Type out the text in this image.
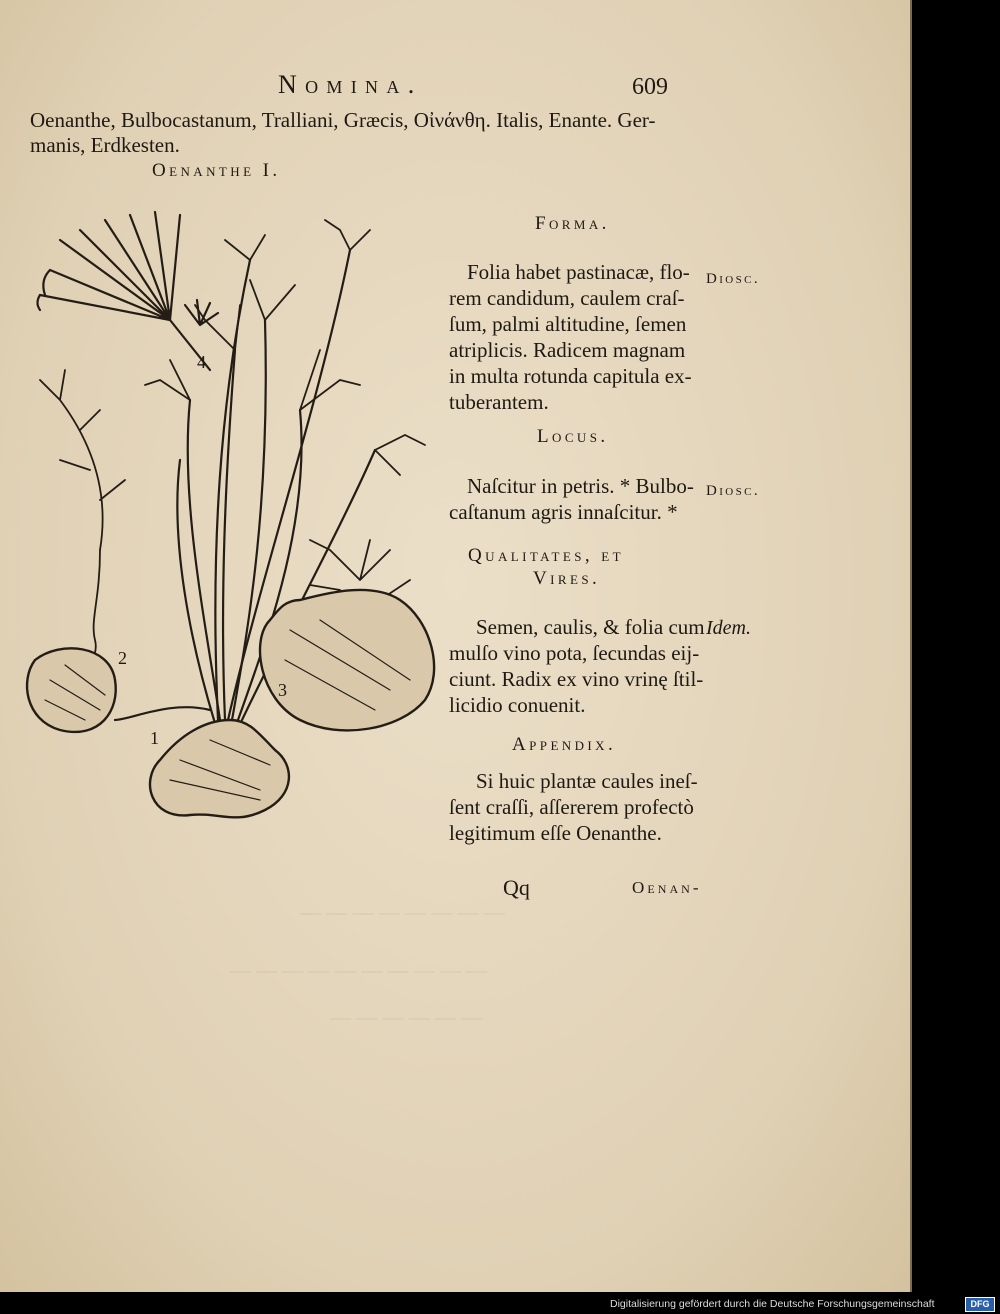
— — — — — — — —
— — — — — — — — — —
— — — — — —
Nomina.	609
Oenanthe, Bulbocastanum, Tralliani, Græcis, Οἰνάνθη. Italis, Enante. Ger-
manis, Erdkesten.
Oenanthe I.
4
2
3
1
Forma.
Folia habet pastinacæ, flo-
rem candidum, caulem craſ-
ſum, palmi altitudine, ſemen
atriplicis. Radicem magnam
in multa rotunda capitula ex-
tuberantem.
Diosc.
Locus.
Naſcitur in petris. * Bulbo-
caſtanum agris innaſcitur. *
Diosc.
Qualitates, et
Vires.
Semen, caulis, & folia cum
mulſo vino pota, ſecundas eij-
ciunt. Radix ex vino vrinę ſtil-
licidio conuenit.
Idem.
Appendix.
Si huic plantæ caules ineſ-
ſent craſſi, aſſererem profectò
legitimum eſſe Oenanthe.
Qq	Oenan-
Digitalisierung gefördert durch die Deutsche Forschungsgemeinschaft	DFG
